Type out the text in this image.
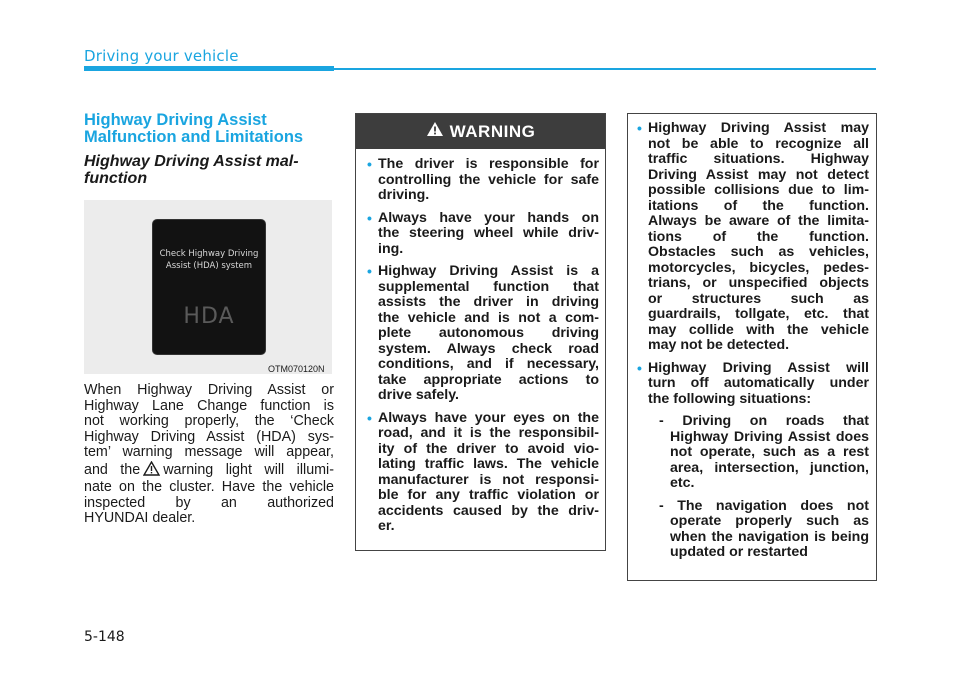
Driving your vehicle
Highway Driving Assist
Malfunction and Limitations
Highway Driving Assist mal-
function
Check Highway Driving
Assist (HDA) system
HDA
OTM070120N
When Highway Driving Assist or
Highway Lane Change function is
not working properly, the ‘Check
Highway Driving Assist (HDA) sys-
tem’ warning message will appear,
and the warning light will illumi-
nate on the cluster. Have the vehicle
inspected by an authorized
HYUNDAI dealer.
WARNING
• The driver is responsible for
controlling the vehicle for safe
driving.
• Always have your hands on
the steering wheel while driv-
ing.
• Highway Driving Assist is a
supplemental function that
assists the driver in driving
the vehicle and is not a com-
plete autonomous driving
system. Always check road
conditions, and if necessary,
take appropriate actions to
drive safely.
• Always have your eyes on the
road, and it is the responsibil-
ity of the driver to avoid vio-
lating traffic laws. The vehicle
manufacturer is not responsi-
ble for any traffic violation or
accidents caused by the driv-
er.
• Highway Driving Assist may
not be able to recognize all
traffic situations. Highway
Driving Assist may not detect
possible collisions due to lim-
itations of the function.
Always be aware of the limita-
tions of the function.
Obstacles such as vehicles,
motorcycles, bicycles, pedes-
trians, or unspecified objects
or structures such as
guardrails, tollgate, etc. that
may collide with the vehicle
may not be detected.
• Highway Driving Assist will
turn off automatically under
the following situations:
- Driving on roads that
Highway Driving Assist does
not operate, such as a rest
area, intersection, junction,
etc.
- The navigation does not
operate properly such as
when the navigation is being
updated or restarted
5-148
